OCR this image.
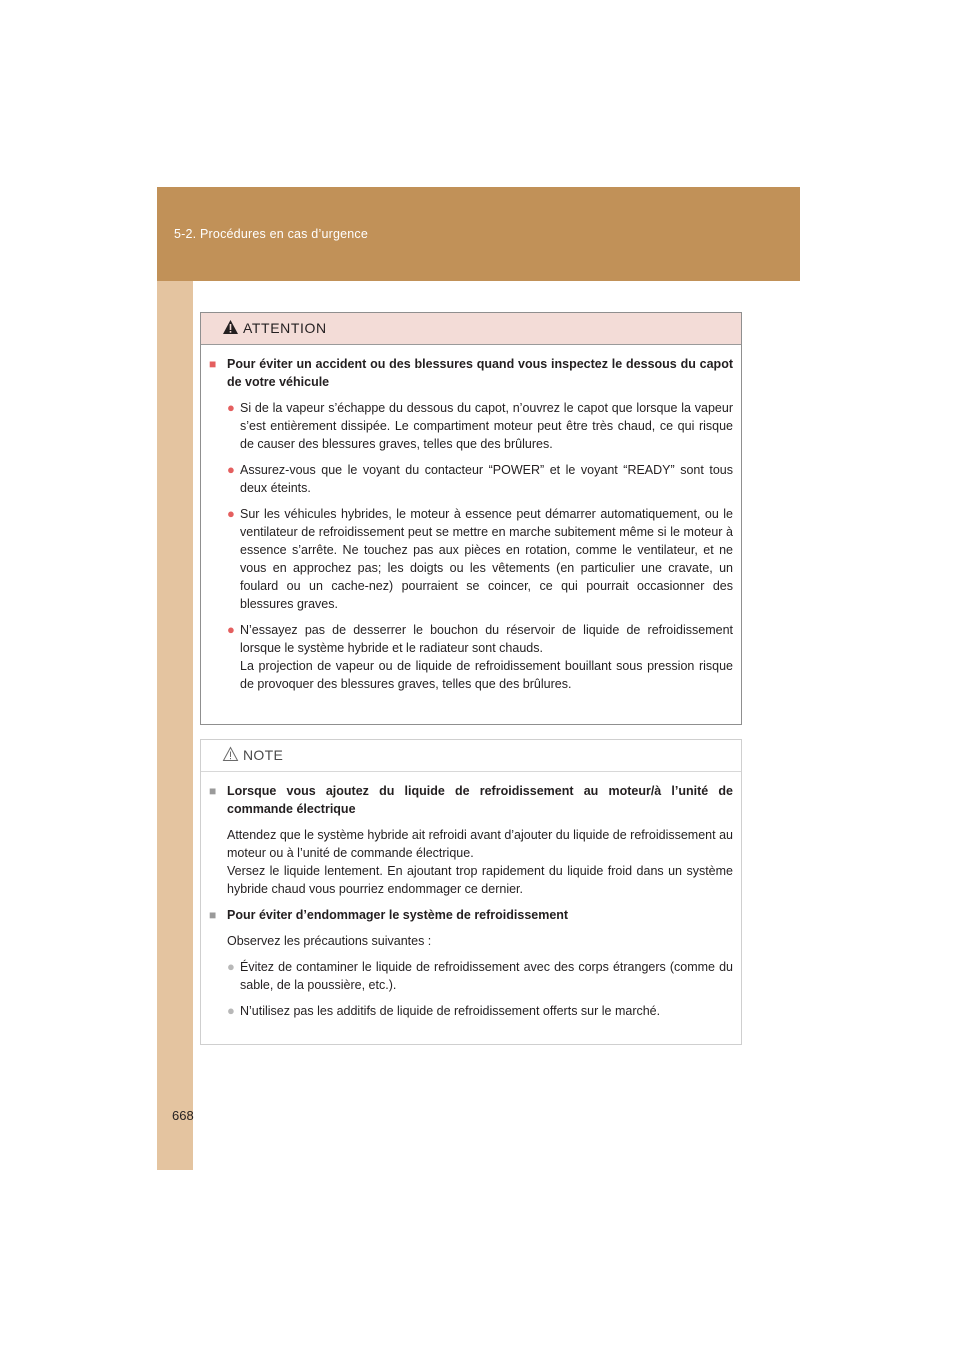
5-2. Procédures en cas d’urgence
ATTENTION
■ Pour éviter un accident ou des blessures quand vous inspectez le dessous du capot de votre véhicule
● Si de la vapeur s’échappe du dessous du capot, n’ouvrez le capot que lorsque la vapeur s’est entièrement dissipée. Le compartiment moteur peut être très chaud, ce qui risque de causer des blessures graves, telles que des brûlures.
● Assurez-vous que le voyant du contacteur “POWER” et le voyant “READY” sont tous deux éteints.
● Sur les véhicules hybrides, le moteur à essence peut démarrer automatiquement, ou le ventilateur de refroidissement peut se mettre en marche subitement même si le moteur à essence s’arrête. Ne touchez pas aux pièces en rotation, comme le ventilateur, et ne vous en approchez pas; les doigts ou les vêtements (en particulier une cravate, un foulard ou un cache-nez) pourraient se coincer, ce qui pourrait occasionner des blessures graves.
● N’essayez pas de desserrer le bouchon du réservoir de liquide de refroidissement lorsque le système hybride et le radiateur sont chauds.
La projection de vapeur ou de liquide de refroidissement bouillant sous pression risque de provoquer des blessures graves, telles que des brûlures.
NOTE
■ Lorsque vous ajoutez du liquide de refroidissement au moteur/à l’unité de commande électrique
Attendez que le système hybride ait refroidi avant d’ajouter du liquide de refroidissement au moteur ou à l’unité de commande électrique.
Versez le liquide lentement. En ajoutant trop rapidement du liquide froid dans un système hybride chaud vous pourriez endommager ce dernier.
■ Pour éviter d’endommager le système de refroidissement
Observez les précautions suivantes :
● Évitez de contaminer le liquide de refroidissement avec des corps étrangers (comme du sable, de la poussière, etc.).
● N’utilisez pas les additifs de liquide de refroidissement offerts sur le marché.
668
